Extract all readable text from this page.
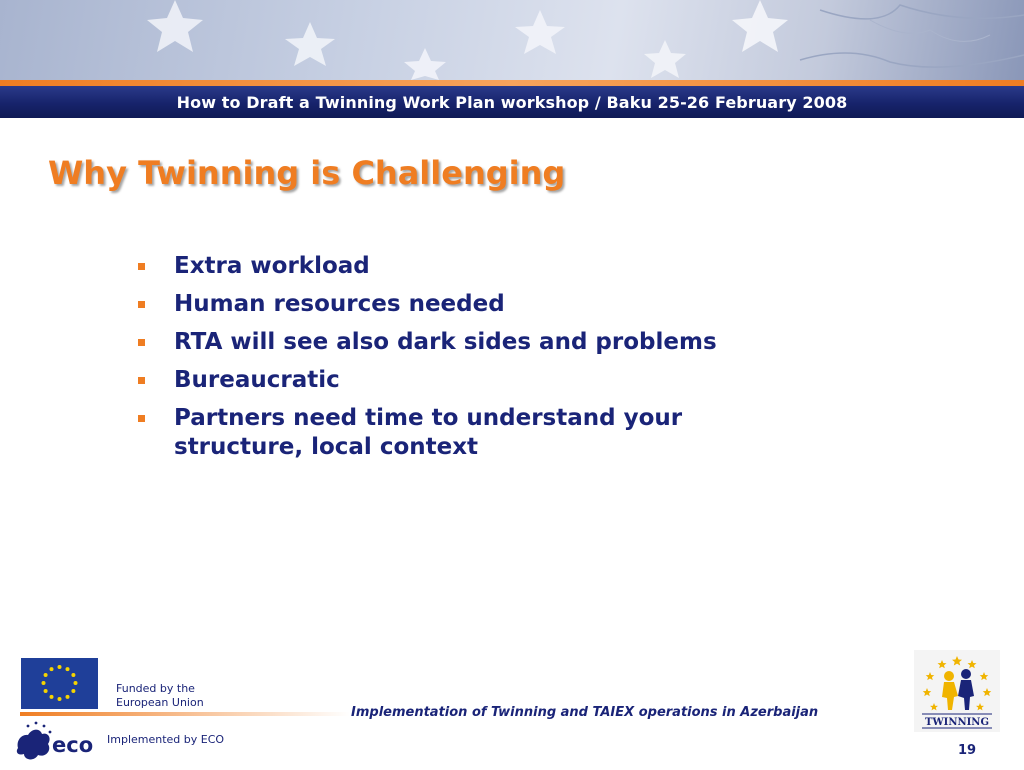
How to Draft a Twinning Work Plan workshop / Baku 25-26 February 2008
Why Twinning is Challenging
Extra workload
Human resources needed
RTA will see also dark sides and problems
Bureaucratic
Partners need time to understand your structure, local context
Funded by the
European Union
Implementation of Twinning and TAIEX operations in Azerbaijan
eco Implemented by ECO
TWINNING
19
